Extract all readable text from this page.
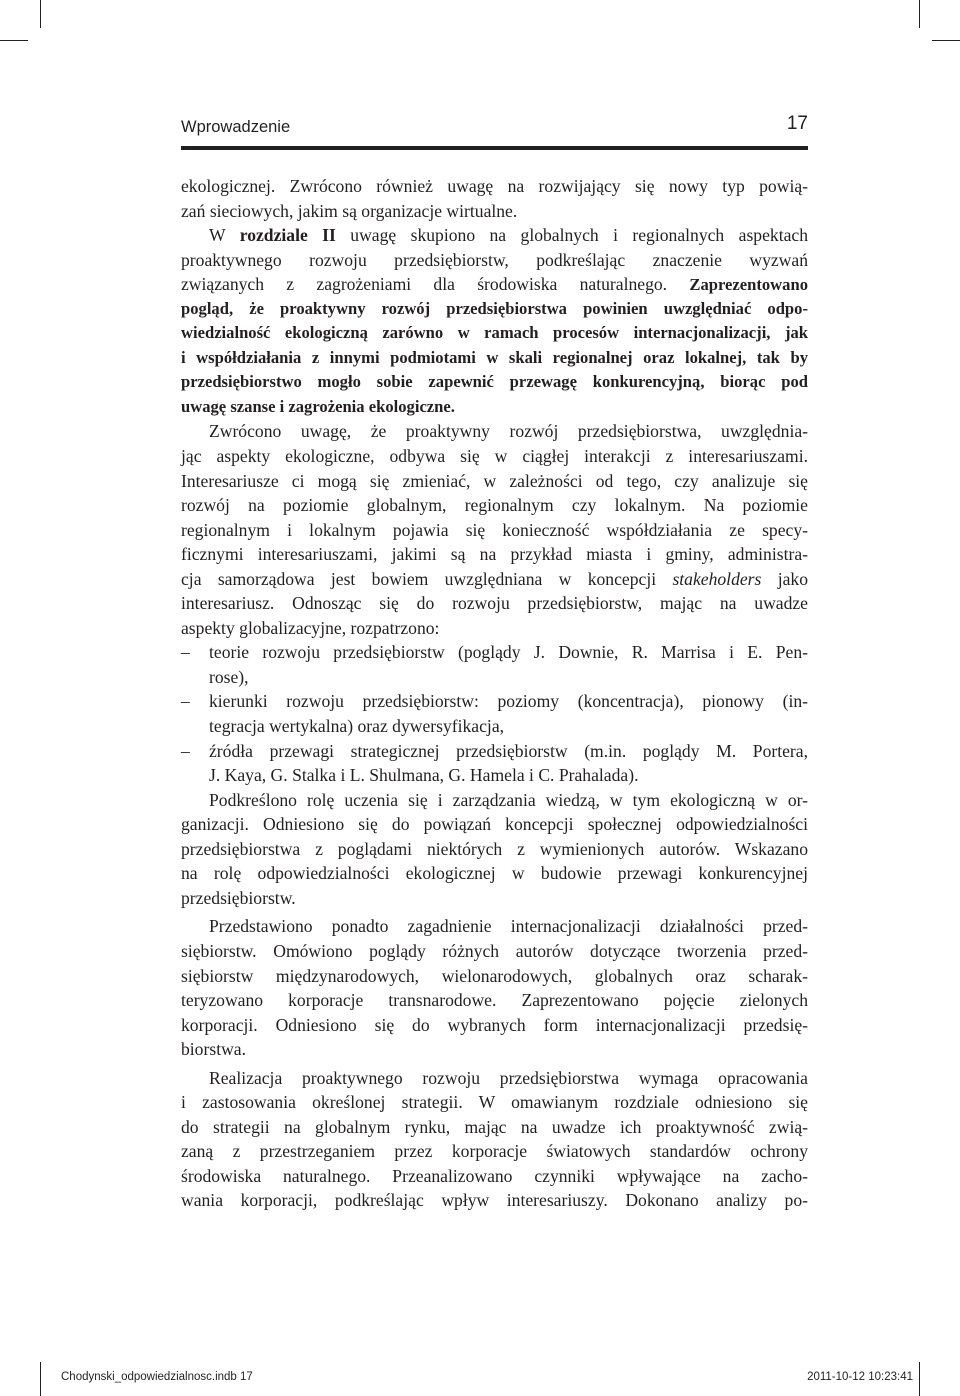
Wprowadzenie	17
ekologicznej. Zwrócono również uwagę na rozwijający się nowy typ powią-
zań sieciowych, jakim są organizacje wirtualne.
W rozdziale II uwagę skupiono na globalnych i regionalnych aspektach
proaktywnego rozwoju przedsiębiorstw, podkreślając znaczenie wyzwań
związanych z zagrożeniami dla środowiska naturalnego. Zaprezentowano
pogląd, że proaktywny rozwój przedsiębiorstwa powinien uwzględniać odpo-
wiedzialność ekologiczną zarówno w ramach procesów internacjonalizacji, jak
i współdziałania z innymi podmiotami w skali regionalnej oraz lokalnej, tak by
przedsiębiorstwo mogło sobie zapewnić przewagę konkurencyjną, biorąc pod
uwagę szanse i zagrożenia ekologiczne.
Zwrócono uwagę, że proaktywny rozwój przedsiębiorstwa, uwzględnia-
jąc aspekty ekologiczne, odbywa się w ciągłej interakcji z interesariuszami.
Interesariusze ci mogą się zmieniać, w zależności od tego, czy analizuje się
rozwój na poziomie globalnym, regionalnym czy lokalnym. Na poziomie
regionalnym i lokalnym pojawia się konieczność współdziałania ze specy-
ficznymi interesariuszami, jakimi są na przykład miasta i gminy, administra-
cja samorządowa jest bowiem uwzględniana w koncepcji stakeholders jako
interesariusz. Odnosząc się do rozwoju przedsiębiorstw, mając na uwadze
aspekty globalizacyjne, rozpatrzono:
– teorie rozwoju przedsiębiorstw (poglądy J. Downie, R. Marrisa i E. Pen-
rose),
– kierunki rozwoju przedsiębiorstw: poziomy (koncentracja), pionowy (in-
tegracja wertykalna) oraz dywersyfikacja,
– źródła przewagi strategicznej przedsiębiorstw (m.in. poglądy M. Portera,
J. Kaya, G. Stalka i L. Shulmana, G. Hamela i C. Prahalada).
Podkreślono rolę uczenia się i zarządzania wiedzą, w tym ekologiczną w or-
ganizacji. Odniesiono się do powiązań koncepcji społecznej odpowiedzialności
przedsiębiorstwa z poglądami niektórych z wymienionych autorów. Wskazano
na rolę odpowiedzialności ekologicznej w budowie przewagi konkurencyjnej
przedsiębiorstw.
Przedstawiono ponadto zagadnienie internacjonalizacji działalności przed-
siębiorstw. Omówiono poglądy różnych autorów dotyczące tworzenia przed-
siębiorstw międzynarodowych, wielonarodowych, globalnych oraz scharak-
teryzowano korporacje transnarodowe. Zaprezentowano pojęcie zielonych
korporacji. Odniesiono się do wybranych form internacjonalizacji przedsię-
biorstwa.
Realizacja proaktywnego rozwoju przedsiębiorstwa wymaga opracowania
i zastosowania określonej strategii. W omawianym rozdziale odniesiono się
do strategii na globalnym rynku, mając na uwadze ich proaktywność zwią-
zaną z przestrzeganiem przez korporacje światowych standardów ochrony
środowiska naturalnego. Przeanalizowano czynniki wpływające na zacho-
wania korporacji, podkreślając wpływ interesariuszy. Dokonano analizy po-
Chodynski_odpowiedzialnosc.indb 17	2011-10-12 10:23:41
